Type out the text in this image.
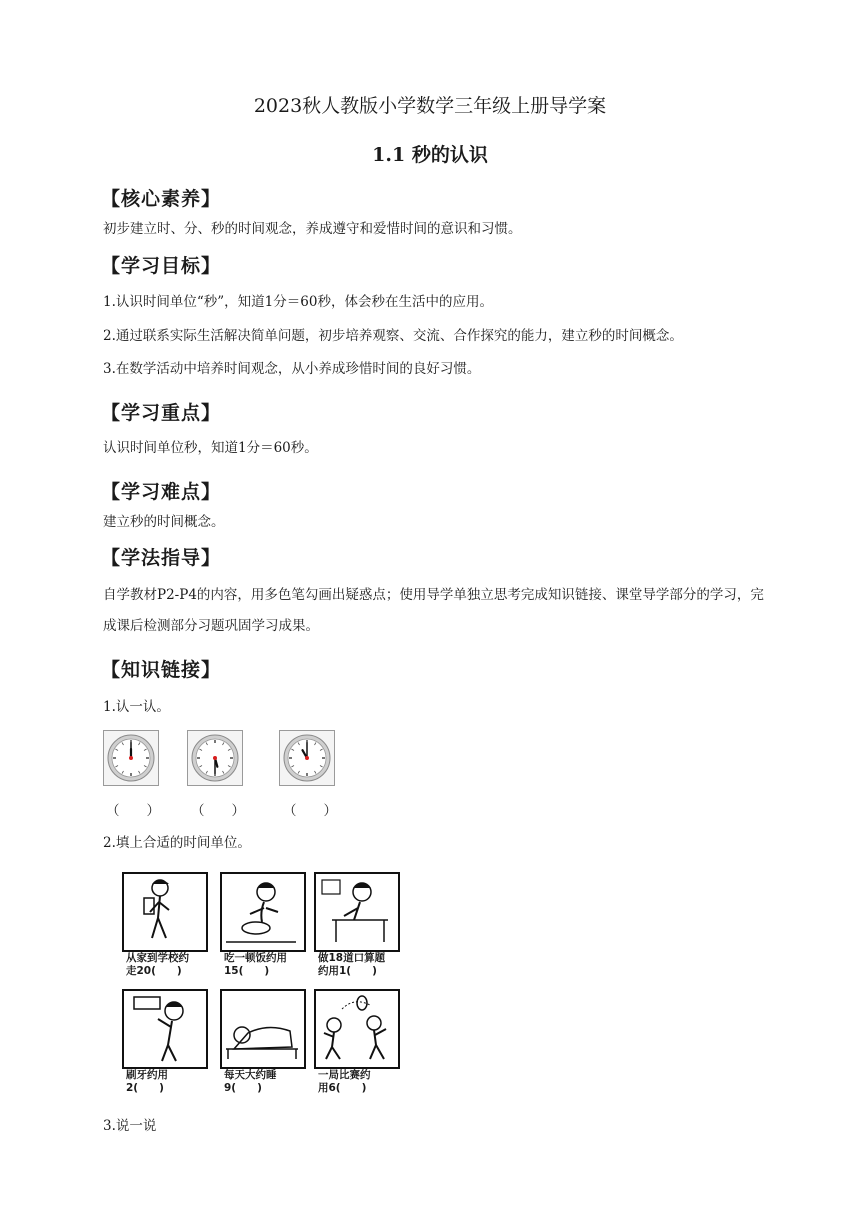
2023秋人教版小学数学三年级上册导学案
1.1 秒的认识
【核心素养】
初步建立时、分、秒的时间观念，养成遵守和爱惜时间的意识和习惯。
【学习目标】
1.认识时间单位“秒”，知道1分＝60秒，体会秒在生活中的应用。
2.通过联系实际生活解决简单问题，初步培养观察、交流、合作探究的能力，建立秒的时间概念。
3.在数学活动中培养时间观念，从小养成珍惜时间的良好习惯。
【学习重点】
认识时间单位秒，知道1分＝60秒。
【学习难点】
建立秒的时间概念。
【学法指导】
自学教材P2-P4的内容，用多色笔勾画出疑惑点；使用导学单独立思考完成知识链接、课堂导学部分的学习，完成课后检测部分习题巩固学习成果。
【知识链接】
1.认一认。
（　　） （　　）	（　　）
2.填上合适的时间单位。
从家到学校约
走20(　　)
吃一顿饭约用
15(　　)
做18道口算题
约用1(　　)
刷牙约用
2(　　)
每天大约睡
9(　　)
一局比赛约
用6(　　)
3.说一说
